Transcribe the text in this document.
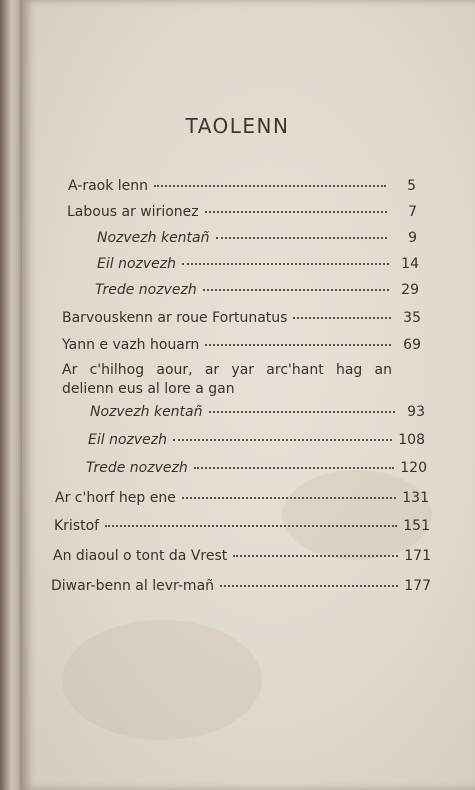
TAOLENN
A-raok lenn	5
Labous ar wirionez	7
Nozvezh kentañ	9
Eil nozvezh	14
Trede nozvezh	29
Barvouskenn ar roue Fortunatus	35
Yann e vazh houarn	69
Ar c'hilhog aour, ar yar arc'hant hag an delienn eus al lore a gan
Nozvezh kentañ	93
Eil nozvezh	108
Trede nozvezh	120
Ar c'horf hep ene	131
Kristof	151
An diaoul o tont da Vrest	171
Diwar-benn al levr-mañ	177
